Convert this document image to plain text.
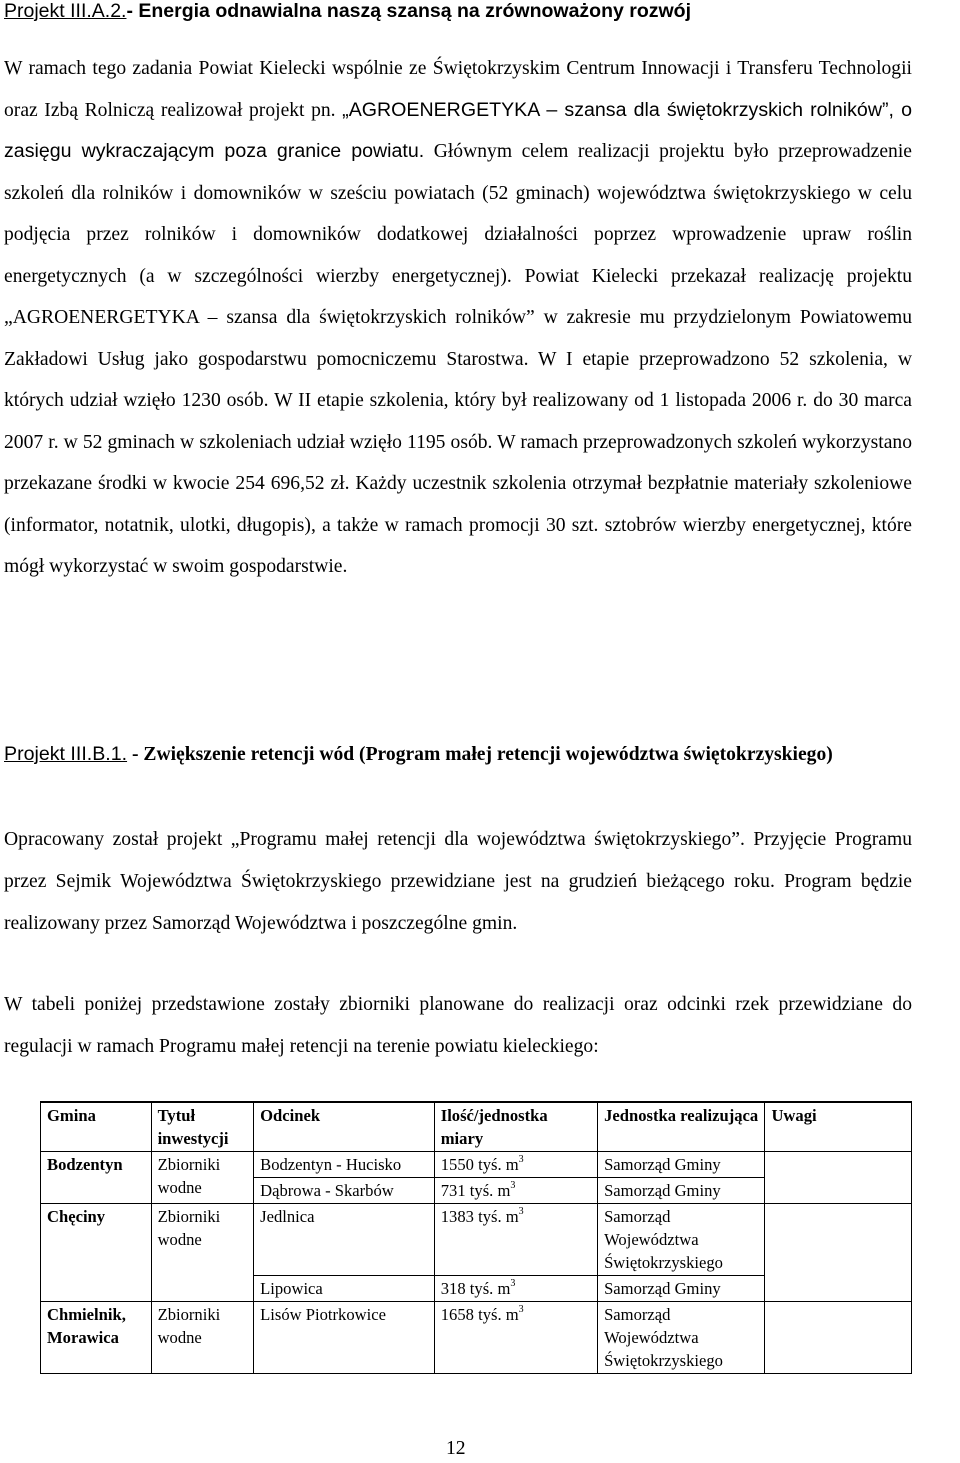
Projekt III.A.2.- Energia odnawialna naszą szansą na zrównoważony rozwój
W ramach tego zadania Powiat Kielecki wspólnie ze Świętokrzyskim Centrum Innowacji i Transferu Technologii oraz Izbą Rolniczą realizował projekt pn. „AGROENERGETYKA – szansa dla świętokrzyskich rolników”, o zasięgu wykraczającym poza granice powiatu. Głównym celem realizacji projektu było przeprowadzenie szkoleń dla rolników i domowników w sześciu powiatach (52 gminach) województwa świętokrzyskiego w celu podjęcia przez rolników i domowników dodatkowej działalności poprzez wprowadzenie upraw roślin energetycznych (a w szczególności wierzby energetycznej). Powiat Kielecki przekazał realizację projektu „AGROENERGETYKA – szansa dla świętokrzyskich rolników” w zakresie mu przydzielonym Powiatowemu Zakładowi Usług jako gospodarstwu pomocniczemu Starostwa. W I etapie przeprowadzono 52 szkolenia, w których udział wzięło 1230 osób. W II etapie szkolenia, który był realizowany od 1 listopada 2006 r. do 30 marca 2007 r. w 52 gminach w szkoleniach udział wzięło 1195 osób. W ramach przeprowadzonych szkoleń wykorzystano przekazane środki w kwocie 254 696,52 zł. Każdy uczestnik szkolenia otrzymał bezpłatnie materiały szkoleniowe (informator, notatnik, ulotki, długopis), a także w ramach promocji 30 szt. sztobrów wierzby energetycznej, które mógł wykorzystać w swoim gospodarstwie.
Projekt III.B.1. - Zwiększenie retencji wód (Program małej retencji województwa świętokrzyskiego)
Opracowany został projekt „Programu małej retencji dla województwa świętokrzyskiego”. Przyjęcie Programu przez Sejmik Województwa Świętokrzyskiego przewidziane jest na grudzień bieżącego roku. Program będzie realizowany przez Samorząd Województwa i poszczególne gmin.
W tabeli poniżej przedstawione zostały zbiorniki planowane do realizacji oraz odcinki rzek przewidziane do regulacji w ramach Programu małej retencji na terenie powiatu kieleckiego:
Gmina	Tytuł inwestycji	Odcinek	Ilość/jednostka miary	Jednostka realizująca	Uwagi
Bodzentyn	Zbiorniki wodne	Bodzentyn - Hucisko	1550 tyś. $m^3$	Samorząd Gminy	
		Dąbrowa - Skarbów	731 tyś. $m^3$	Samorząd Gminy	
Chęciny	Zbiorniki wodne	Jedlnica	1383 tyś. $m^3$	Samorząd Województwa Świętokrzyskiego	
		Lipowica	318 tyś. $m^3$	Samorząd Gminy	
Chmielnik, Morawica	Zbiorniki wodne	Lisów Piotrkowice	1658 tyś. $m^3$	Samorząd Województwa Świętokrzyskiego	
12
